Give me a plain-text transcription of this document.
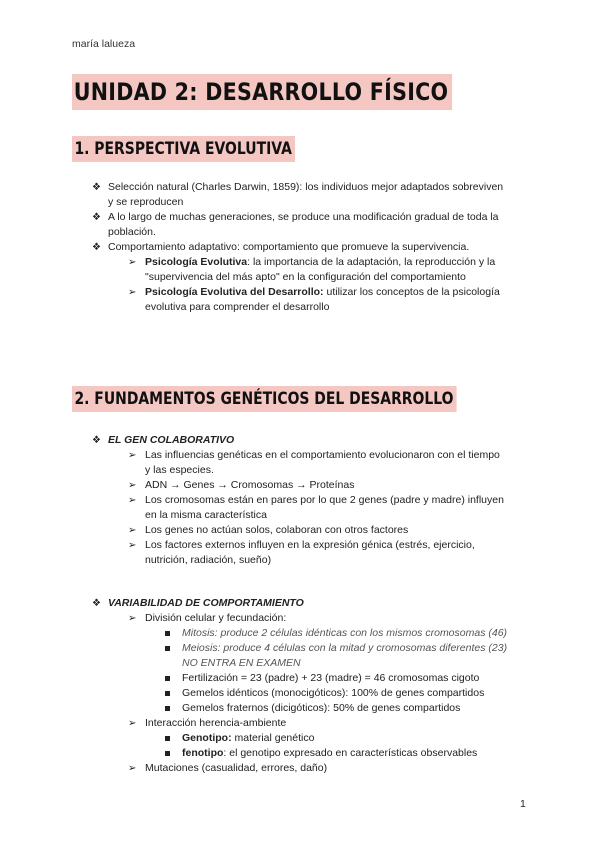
maría lalueza
UNIDAD 2: DESARROLLO FÍSICO
1. PERSPECTIVA EVOLUTIVA
❖ Selección natural (Charles Darwin, 1859): los individuos mejor adaptados sobreviven
y se reproducen
❖ A lo largo de muchas generaciones, se produce una modificación gradual de toda la
población.
❖ Comportamiento adaptativo: comportamiento que promueve la supervivencia.
➢ Psicología Evolutiva: la importancia de la adaptación, la reproducción y la
"supervivencia del más apto" en la configuración del comportamiento
➢ Psicología Evolutiva del Desarrollo: utilizar los conceptos de la psicología
evolutiva para comprender el desarrollo
2. FUNDAMENTOS GENÉTICOS DEL DESARROLLO
❖ EL GEN COLABORATIVO
➢ Las influencias genéticas en el comportamiento evolucionaron con el tiempo
y las especies.
➢ ADN → Genes → Cromosomas → Proteínas
➢ Los cromosomas están en pares por lo que 2 genes (padre y madre) influyen
en la misma característica
➢ Los genes no actúan solos, colaboran con otros factores
➢ Los factores externos influyen en la expresión génica (estrés, ejercicio,
nutrición, radiación, sueño)
❖ VARIABILIDAD DE COMPORTAMIENTO
➢ División celular y fecundación:
Mitosis: produce 2 células idénticas con los mismos cromosomas (46)
Meiosis: produce 4 células con la mitad y cromosomas diferentes (23)
NO ENTRA EN EXAMEN
Fertilización = 23 (padre) + 23 (madre) = 46 cromosomas cigoto
Gemelos idénticos (monocigóticos): 100% de genes compartidos
Gemelos fraternos (dicigóticos): 50% de genes compartidos
➢ Interacción herencia-ambiente
Genotipo: material genético
fenotipo: el genotipo expresado en características observables
➢ Mutaciones (casualidad, errores, daño)
1
